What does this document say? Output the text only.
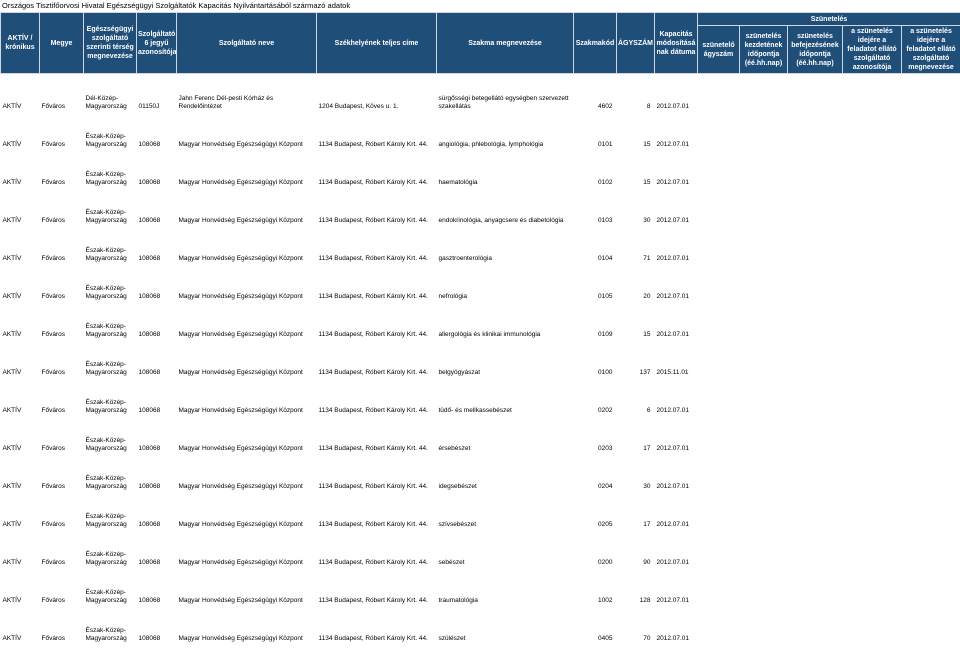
Országos Tisztifőorvosi Hivatal Egészségügyi Szolgáltatók Kapacitás Nyilvántartásából származó adatok
AKTÍV / krónikus	Megye	Egészségügyi szolgáltató szerinti térség megnevezése	Szolgáltató 6 jegyű azonosítója	Szolgáltató neve	Székhelyének teljes címe	Szakma megnevezése	Szakmakód	ÁGYSZÁM	Kapacitás módosításá nak dátuma	Szünetelés				
										szünetelő ágyszám	szünetelés kezdetének időpontja (éé.hh.nap)	szünetelés befejezésének időpontja (éé.hh.nap)	a szünetelés idejére a feladatot ellátó szolgáltató azonosítója	a szünetelés idejére a feladatot ellátó szolgáltató megnevezése
AKTÍV	Főváros	Dél-Közép-Magyarország	01150J	Jahn Ferenc Dél-pesti Kórház és Rendelőintézet	1204 Budapest, Köves u. 1.	sürgősségi betegellátó egységben szervezett szakellátás	4602	8	2012.07.01					
AKTÍV	Főváros	Észak-Közép-Magyarország	108068	Magyar Honvédség Egészségügyi Központ	1134 Budapest, Róbert Károly Krt. 44.	angiológia, phlebológia, lymphológia	0101	15	2012.07.01					
AKTÍV	Főváros	Észak-Közép-Magyarország	108068	Magyar Honvédség Egészségügyi Központ	1134 Budapest, Róbert Károly Krt. 44.	haematológia	0102	15	2012.07.01					
AKTÍV	Főváros	Észak-Közép-Magyarország	108068	Magyar Honvédség Egészségügyi Központ	1134 Budapest, Róbert Károly Krt. 44.	endokrinológia, anyagcsere és diabetológia	0103	30	2012.07.01					
AKTÍV	Főváros	Észak-Közép-Magyarország	108068	Magyar Honvédség Egészségügyi Központ	1134 Budapest, Róbert Károly Krt. 44.	gasztroenterológia	0104	71	2012.07.01					
AKTÍV	Főváros	Észak-Közép-Magyarország	108068	Magyar Honvédség Egészségügyi Központ	1134 Budapest, Róbert Károly Krt. 44.	nefrológia	0105	20	2012.07.01					
AKTÍV	Főváros	Észak-Közép-Magyarország	108068	Magyar Honvédség Egészségügyi Központ	1134 Budapest, Róbert Károly Krt. 44.	allergológia és klinikai immunológia	0109	15	2012.07.01					
AKTÍV	Főváros	Észak-Közép-Magyarország	108068	Magyar Honvédség Egészségügyi Központ	1134 Budapest, Róbert Károly Krt. 44.	belgyógyászat	0100	137	2015.11.01					
AKTÍV	Főváros	Észak-Közép-Magyarország	108068	Magyar Honvédség Egészségügyi Központ	1134 Budapest, Róbert Károly Krt. 44.	tüdő- és mellkassebészet	0202	6	2012.07.01					
AKTÍV	Főváros	Észak-Közép-Magyarország	108068	Magyar Honvédség Egészségügyi Központ	1134 Budapest, Róbert Károly Krt. 44.	érsebészet	0203	17	2012.07.01					
AKTÍV	Főváros	Észak-Közép-Magyarország	108068	Magyar Honvédség Egészségügyi Központ	1134 Budapest, Róbert Károly Krt. 44.	idegsebészet	0204	30	2012.07.01					
AKTÍV	Főváros	Észak-Közép-Magyarország	108068	Magyar Honvédség Egészségügyi Központ	1134 Budapest, Róbert Károly Krt. 44.	szívsebészet	0205	17	2012.07.01					
AKTÍV	Főváros	Észak-Közép-Magyarország	108068	Magyar Honvédség Egészségügyi Központ	1134 Budapest, Róbert Károly Krt. 44.	sebészet	0200	90	2012.07.01					
AKTÍV	Főváros	Észak-Közép-Magyarország	108068	Magyar Honvédség Egészségügyi Központ	1134 Budapest, Róbert Károly Krt. 44.	traumatológia	1002	128	2012.07.01					
AKTÍV	Főváros	Észak-Közép-Magyarország	108068	Magyar Honvédség Egészségügyi Központ	1134 Budapest, Róbert Károly Krt. 44.	szülészet	0405	70	2012.07.01					
